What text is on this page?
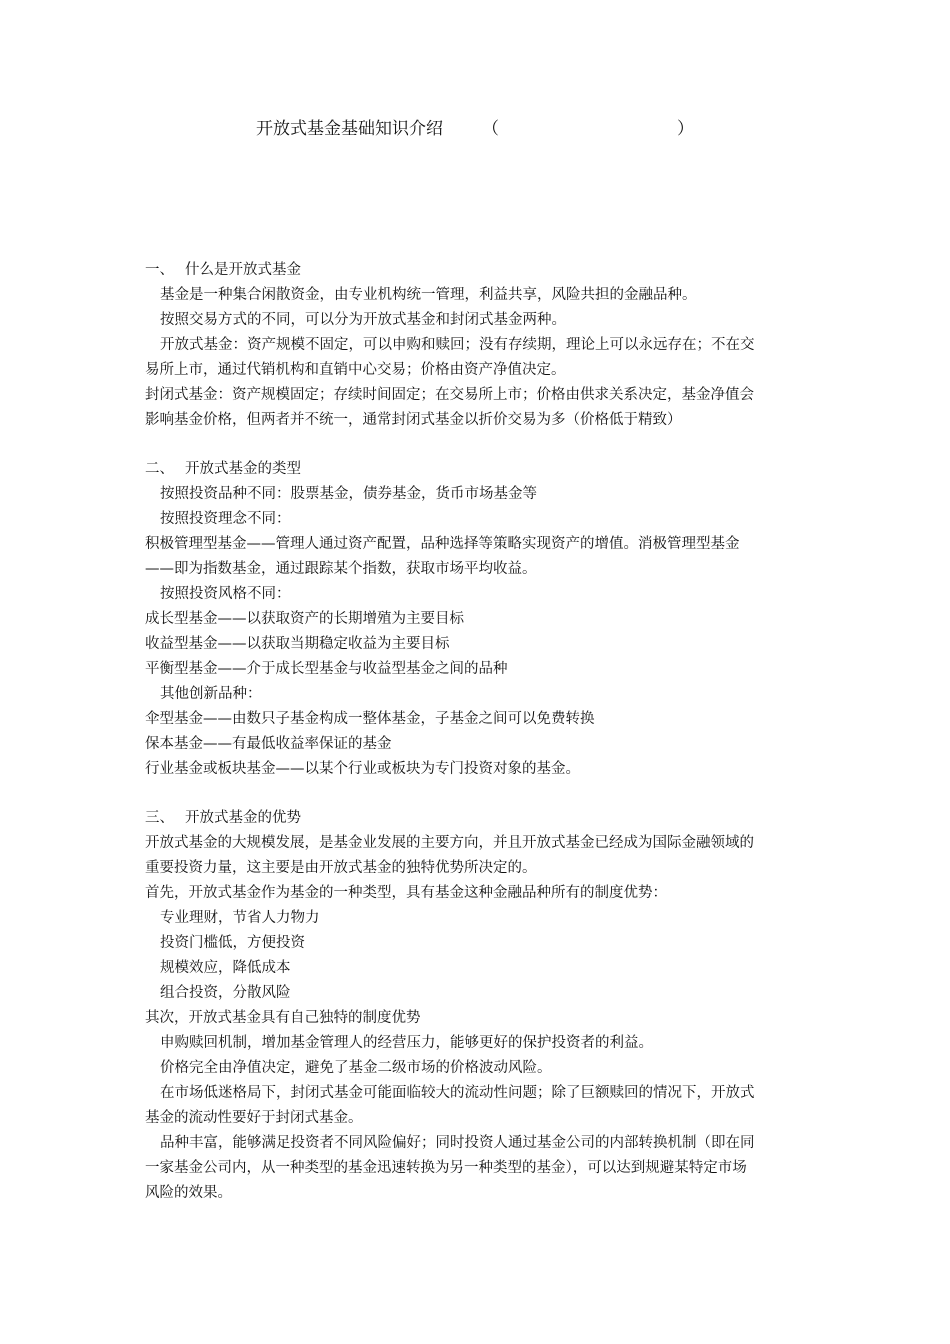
开放式基金基础知识介绍 （	）
一、 什么是开放式基金
基金是一种集合闲散资金，由专业机构统一管理，利益共享，风险共担的金融品种。
按照交易方式的不同，可以分为开放式基金和封闭式基金两种。
开放式基金：资产规模不固定，可以申购和赎回；没有存续期，理论上可以永远存在；不在交
易所上市，通过代销机构和直销中心交易；价格由资产净值决定。
封闭式基金：资产规模固定；存续时间固定；在交易所上市；价格由供求关系决定，基金净值会
影响基金价格，但两者并不统一，通常封闭式基金以折价交易为多（价格低于精致）
二、 开放式基金的类型
按照投资品种不同：股票基金，债券基金，货币市场基金等
按照投资理念不同：
积极管理型基金——管理人通过资产配置，品种选择等策略实现资产的增值。消极管理型基金
——即为指数基金，通过跟踪某个指数，获取市场平均收益。
按照投资风格不同：
成长型基金——以获取资产的长期增殖为主要目标
收益型基金——以获取当期稳定收益为主要目标
平衡型基金——介于成长型基金与收益型基金之间的品种
其他创新品种：
伞型基金——由数只子基金构成一整体基金，子基金之间可以免费转换
保本基金——有最低收益率保证的基金
行业基金或板块基金——以某个行业或板块为专门投资对象的基金。
三、 开放式基金的优势
开放式基金的大规模发展，是基金业发展的主要方向，并且开放式基金已经成为国际金融领域的
重要投资力量，这主要是由开放式基金的独特优势所决定的。
首先，开放式基金作为基金的一种类型，具有基金这种金融品种所有的制度优势：
专业理财，节省人力物力
投资门槛低，方便投资
规模效应，降低成本
组合投资，分散风险
其次，开放式基金具有自己独特的制度优势
申购赎回机制，增加基金管理人的经营压力，能够更好的保护投资者的利益。
价格完全由净值决定，避免了基金二级市场的价格波动风险。
在市场低迷格局下，封闭式基金可能面临较大的流动性问题；除了巨额赎回的情况下，开放式
基金的流动性要好于封闭式基金。
品种丰富，能够满足投资者不同风险偏好；同时投资人通过基金公司的内部转换机制（即在同
一家基金公司内，从一种类型的基金迅速转换为另一种类型的基金），可以达到规避某特定市场
风险的效果。
